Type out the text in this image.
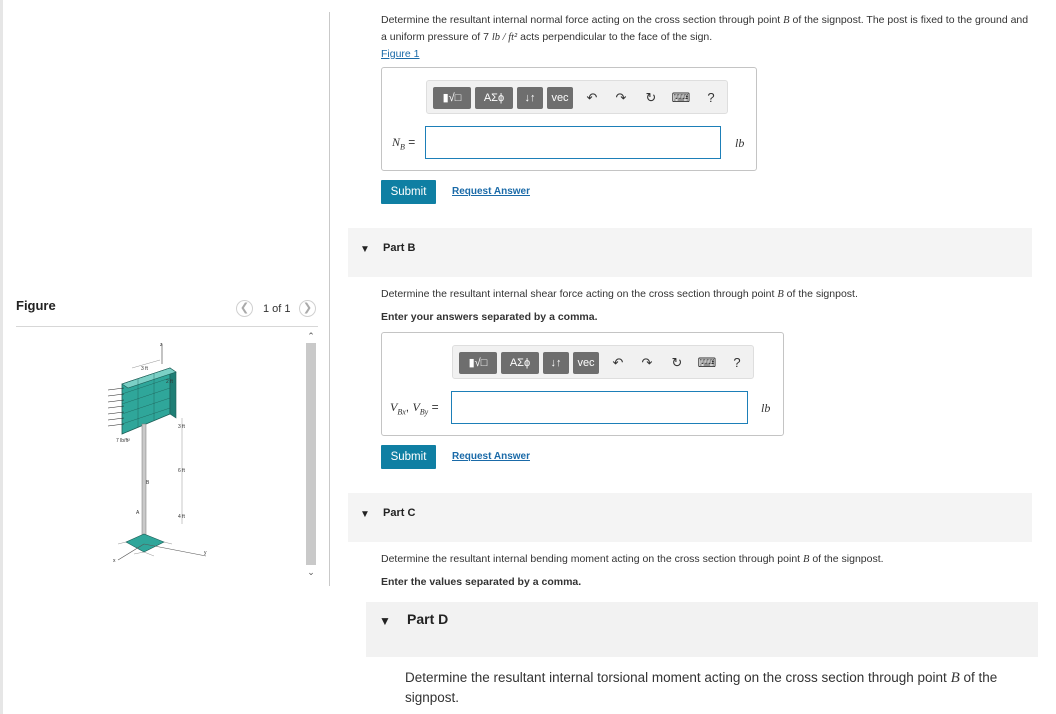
Figure	❮	1 of 1	❯
z
3 ft
2 ft
3 ft
7 lb/ft²
6 ft
B
A
4 ft
x
y
⌃
⌄
Determine the resultant internal normal force acting on the cross section through point B of the signpost. The post is fixed to the ground and a uniform pressure of 7 lb / ft² acts perpendicular to the face of the sign.
Figure 1
▮√□	ΑΣϕ	↓↑	vec	↶	↷	↻	⌨	?
$N_B$ =	lb
Submit	Request Answer
▼ Part B
Determine the resultant internal shear force acting on the cross section through point B of the signpost.
Enter your answers separated by a comma.
▮√□	ΑΣϕ	↓↑	vec	↶	↷	↻	⌨	?
$V_{Bx}$, $V_{By}$ =	lb
Submit	Request Answer
▼ Part C
Determine the resultant internal bending moment acting on the cross section through point B of the signpost.
Enter the values separated by a comma.
▼ Part D
Determine the resultant internal torsional moment acting on the cross section through point B of the signpost.
